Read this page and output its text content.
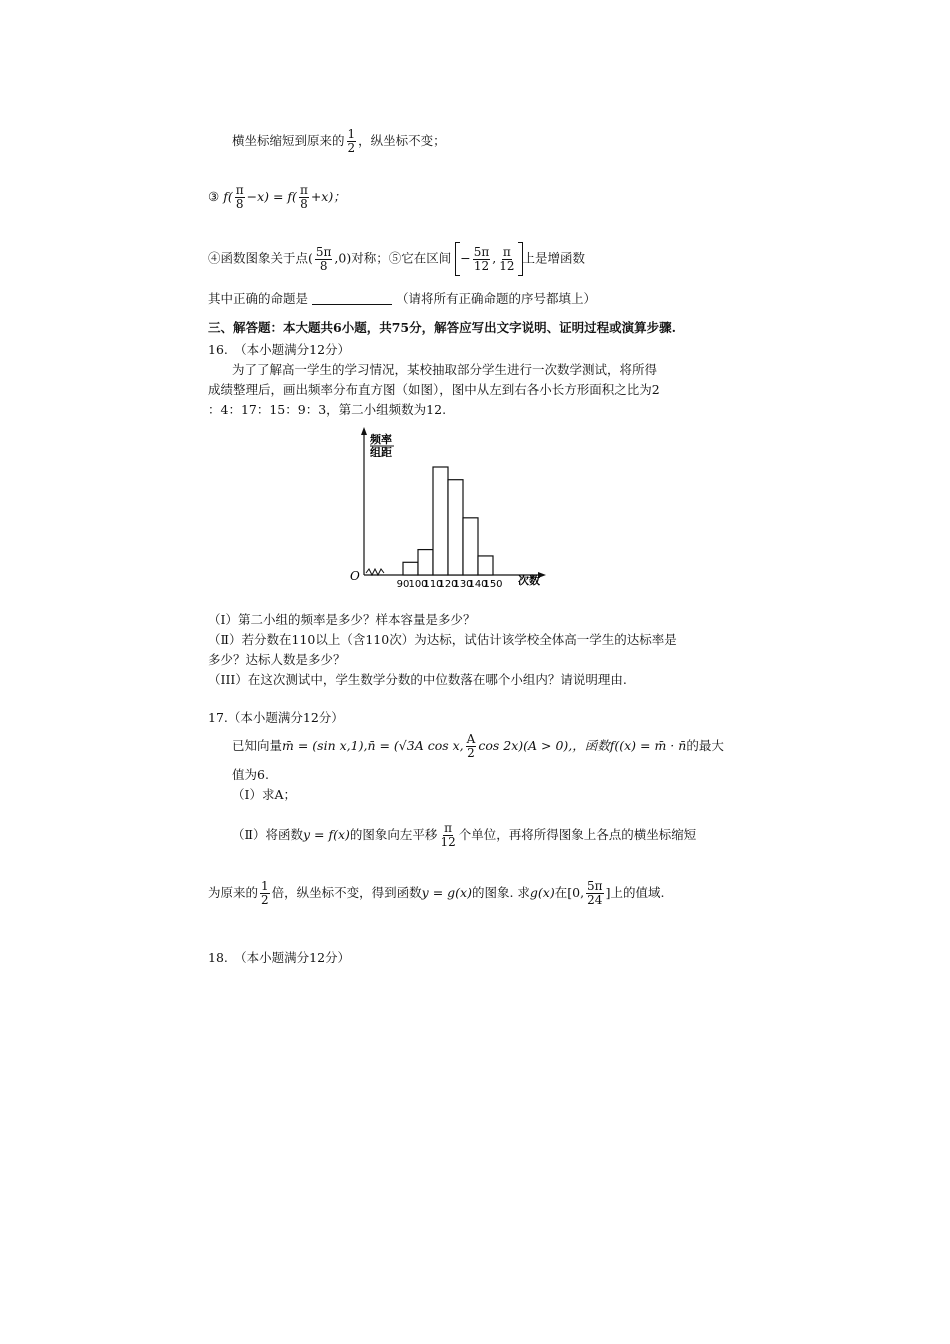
横坐标缩短到原来的 $\frac{1}{2}$ ，纵坐标不变；
③ $f( \frac{\pi}{8} -x) = f( \frac{\pi}{8} +x)$；
④函数图象关于点( $\frac{5\pi}{8} ,0$)对称；⑤它在区间 − $\frac{5\pi}{12}$ , $\frac{\pi}{12}$ 上是增函数
其中正确的命题是	（请将所有正确命题的序号都填上）
三、解答题：本大题共6小题，共75分，解答应写出文字说明、证明过程或演算步骤.
16.　（本小题满分12分）
为了了解高一学生的学习情况，某校抽取部分学生进行一次数学测试，将所得
成绩整理后，画出频率分布直方图（如图），图中从左到右各小长方形面积之比为2
：4：17：15：9：3，第二小组频数为12.
频率
组距
O	次数
90 100
110
120
130
140
150
（Ⅰ）第二小组的频率是多少？样本容量是多少？
（Ⅱ）若分数在110以上（含110次）为达标，试估计该学校全体高一学生的达标率是
多少？达标人数是多少？
（III）在这次测试中，学生数学分数的中位数落在哪个小组内？请说明理由.
17.（本小题满分12分）
已知向量m̄ = (sin x,1),n̄ = (√3A cos x, $\frac{A}{2}$ cos 2x)(A > 0),，函数f((x) = m̄ · n̄的最大
值为6.
（Ⅰ）求A；
（Ⅱ）将函数y = f(x)的图象向左平移 $\frac{\pi}{12}$ 个单位，再将所得图象上各点的横坐标缩短
为原来的 $\frac{1}{2}$ 倍，纵坐标不变，得到函数y = g(x)的图象. 求g(x)在[0, $\frac{5\pi}{24}$ ]上的值域.
18.　（本小题满分12分）
